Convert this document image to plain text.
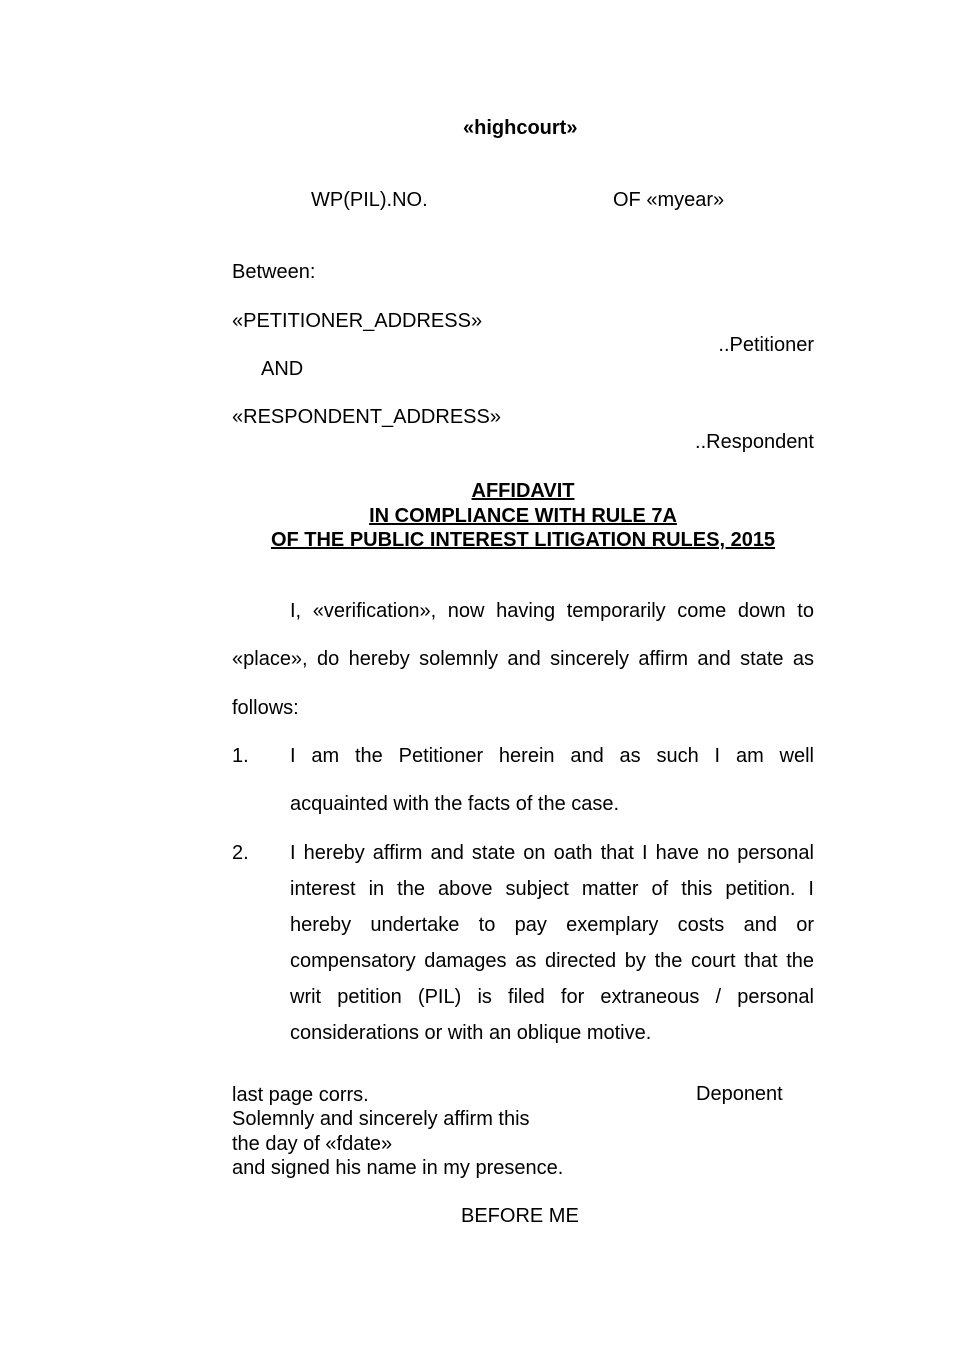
«highcourt»
WP(PIL).NO.	OF «myear»
Between:
«PETITIONER_ADDRESS»
..Petitioner
AND
«RESPONDENT_ADDRESS»
..Respondent
AFFIDAVIT
IN COMPLIANCE WITH RULE 7A
OF THE PUBLIC INTEREST LITIGATION RULES, 2015
I, «verification», now having temporarily come down to
«place», do hereby solemnly and sincerely affirm and state as
follows:
1. I am the Petitioner herein and as such I am well
acquainted with the facts of the case.
2. I hereby affirm and state on oath that I have no personal
interest in the above subject matter of this petition. I
hereby undertake to pay exemplary costs and or
compensatory damages as directed by the court that the
writ petition (PIL) is filed for extraneous / personal
considerations or with an oblique motive.
last page corrs.
Solemnly and sincerely affirm this
the day of «fdate»
and signed his name in my presence.
Deponent
BEFORE ME
